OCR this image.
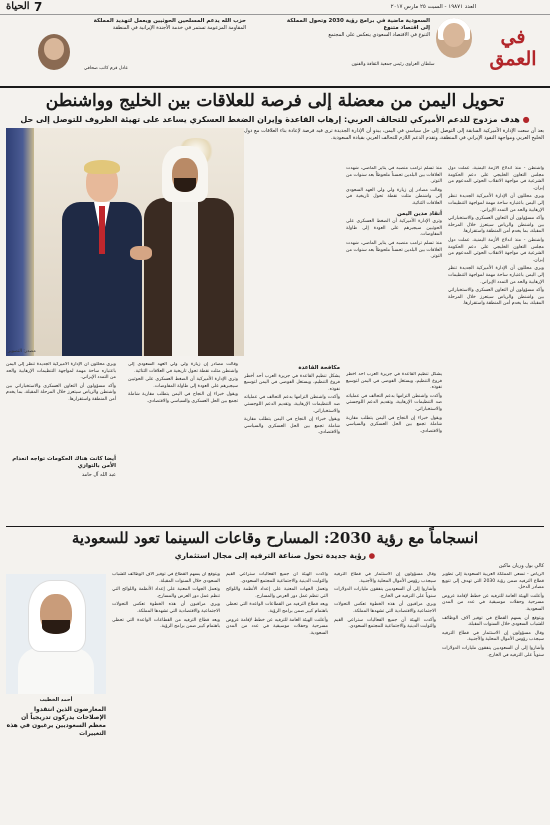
العدد ١٩٨٧١ - السبت ٢٥ مارس ٢٠١٧
الحياة 7
في
العمق
السعودية ماضية في برامج رؤية 2030 وتحول المملكة إلى اقتصاد متنوع
التنوع في الاقتصاد السعودي ينعكس على المجتمع
سلطان العزاوي رئيس جمعية الثقافة والفنون
حزب الله يدعم المسلحين الحوثيين ويعمل لتهديد المملكة
المقاومة المزعومة تستمر في خدمة الأجندة الإيرانية في المنطقة
عادل قرم كاتب صحافي
تحويل اليمن من معضلة إلى فرصة للعلاقات بين الخليج وواشنطن
● هدف مزدوج للدعم الأميركي للتحالف العربي: إرهاب القاعدة وإيران الضغط العسكري يساعد على تهيئة الظروف للتوصل إلى حل
بعد أن سعت الإدارة الأميركية السابقة إلى التوصل إلى حل سياسي في اليمن، يبدو أن الإدارة الجديدة ترى فيه فرصة لإعادة بناء العلاقات مع دول الخليج العربي ومواجهة النفوذ الإيراني في المنطقة، وتقدم الدعم اللازم للتحالف العربي بقيادة السعودية.
مصدر: التصوير

واشنطن - منذ اندلاع الأزمة اليمنية، عملت دول مجلس التعاون الخليجي على دعم الحكومة الشرعية في مواجهة الانقلاب الحوثي المدعوم من إيران.

ويرى محللون أن الإدارة الأميركية الجديدة تنظر إلى اليمن باعتباره ساحة مهمة لمواجهة التنظيمات الإرهابية والحد من التمدد الإيراني.

وأكد مسؤولون أن التعاون العسكري والاستخباراتي بين واشنطن والرياض سيتعزز خلال المرحلة المقبلة، بما يخدم أمن المنطقة واستقرارها.

واشنطن - منذ اندلاع الأزمة اليمنية، عملت دول مجلس التعاون الخليجي على دعم الحكومة الشرعية في مواجهة الانقلاب الحوثي المدعوم من إيران.

ويرى محللون أن الإدارة الأميركية الجديدة تنظر إلى اليمن باعتباره ساحة مهمة لمواجهة التنظيمات الإرهابية والحد من التمدد الإيراني.

وأكد مسؤولون أن التعاون العسكري والاستخباراتي بين واشنطن والرياض سيتعزز خلال المرحلة المقبلة، بما يخدم أمن المنطقة واستقرارها.

منذ تسلم ترامب منصبه في يناير الماضي، شهدت العلاقات بين البلدين تحسناً ملحوظاً بعد سنوات من التوتر.

وقالت مصادر إن زيارة ولي ولي العهد السعودي إلى واشنطن مثلت نقطة تحول تاريخية في العلاقات الثنائية.

أنقاذ مدين اليمن

وترى الإدارة الأميركية أن الضغط العسكري على الحوثيين سيجبرهم على العودة إلى طاولة المفاوضات.

منذ تسلم ترامب منصبه في يناير الماضي، شهدت العلاقات بين البلدين تحسناً ملحوظاً بعد سنوات من التوتر.

يشكل تنظيم القاعدة في جزيرة العرب أحد أخطر فروع التنظيم، ويستغل الفوضى في اليمن لتوسيع نفوذه.

وأكدت واشنطن التزامها بدعم التحالف في عملياته ضد التنظيمات الإرهابية، وتقديم الدعم اللوجستي والاستخباراتي.

ويقول خبراء إن النجاح في اليمن يتطلب مقاربة شاملة تجمع بين الحل العسكري والسياسي والاقتصادي.

مكافحة القاعدة

يشكل تنظيم القاعدة في جزيرة العرب أحد أخطر فروع التنظيم، ويستغل الفوضى في اليمن لتوسيع نفوذه.

وأكدت واشنطن التزامها بدعم التحالف في عملياته ضد التنظيمات الإرهابية، وتقديم الدعم اللوجستي والاستخباراتي.

ويقول خبراء إن النجاح في اليمن يتطلب مقاربة شاملة تجمع بين الحل العسكري والسياسي والاقتصادي.

وقالت مصادر إن زيارة ولي ولي العهد السعودي إلى واشنطن مثلت نقطة تحول تاريخية في العلاقات الثنائية.

وترى الإدارة الأميركية أن الضغط العسكري على الحوثيين سيجبرهم على العودة إلى طاولة المفاوضات.

ويقول خبراء إن النجاح في اليمن يتطلب مقاربة شاملة تجمع بين الحل العسكري والسياسي والاقتصادي.

ويرى محللون أن الإدارة الأميركية الجديدة تنظر إلى اليمن باعتباره ساحة مهمة لمواجهة التنظيمات الإرهابية والحد من التمدد الإيراني.

وأكد مسؤولون أن التعاون العسكري والاستخباراتي بين واشنطن والرياض سيتعزز خلال المرحلة المقبلة، بما يخدم أمن المنطقة واستقرارها.

أيضا كانت هناك الحكومات تواجه انعدام الأمن بالتوازي
عبد الله آل حامد
انسجاماً مع رؤية 2030: المسارح وقاعات السينما تعود للسعودية
● رؤية جديدة تحول صناعة الترفيه إلى مجال استثماري
كالي بول وريان ماكين

الرياض - تسعى المملكة العربية السعودية إلى تطوير قطاع الترفيه ضمن رؤية 2030 التي تهدف إلى تنويع مصادر الدخل.

وأعلنت الهيئة العامة للترفيه عن خطط لإقامة عروض مسرحية وحفلات موسيقية في عدد من المدن السعودية.

ويتوقع أن يسهم القطاع في توفير آلاف الوظائف للشباب السعودي خلال السنوات المقبلة.

وقال مسؤولون إن الاستثمار في قطاع الترفيه سيجذب رؤوس الأموال المحلية والأجنبية.

وأشاروا إلى أن السعوديين ينفقون مليارات الدولارات سنوياً على الترفيه في الخارج.

وقال مسؤولون إن الاستثمار في قطاع الترفيه سيجذب رؤوس الأموال المحلية والأجنبية.

وأشاروا إلى أن السعوديين ينفقون مليارات الدولارات سنوياً على الترفيه في الخارج.

ويرى مراقبون أن هذه الخطوة تعكس التحولات الاجتماعية والاقتصادية التي تشهدها المملكة.

وأكدت الهيئة أن جميع الفعاليات ستراعي القيم والثوابت الدينية والاجتماعية للمجتمع السعودي.

وأكدت الهيئة أن جميع الفعاليات ستراعي القيم والثوابت الدينية والاجتماعية للمجتمع السعودي.

وتعمل الجهات المعنية على إعداد الأنظمة واللوائح التي تنظم عمل دور العرض والمسارح.

ويعد قطاع الترفيه من القطاعات الواعدة التي تحظى باهتمام كبير ضمن برامج الرؤية.

وأعلنت الهيئة العامة للترفيه عن خطط لإقامة عروض مسرحية وحفلات موسيقية في عدد من المدن السعودية.

ويتوقع أن يسهم القطاع في توفير آلاف الوظائف للشباب السعودي خلال السنوات المقبلة.

وتعمل الجهات المعنية على إعداد الأنظمة واللوائح التي تنظم عمل دور العرض والمسارح.

ويرى مراقبون أن هذه الخطوة تعكس التحولات الاجتماعية والاقتصادية التي تشهدها المملكة.

ويعد قطاع الترفيه من القطاعات الواعدة التي تحظى باهتمام كبير ضمن برامج الرؤية.

أحمد الخطيب
المعارضون الذين انتقدوا الإصلاحات يدركون تدريجياً أن معظم السعوديين يرغبون في هذه التغييرات
